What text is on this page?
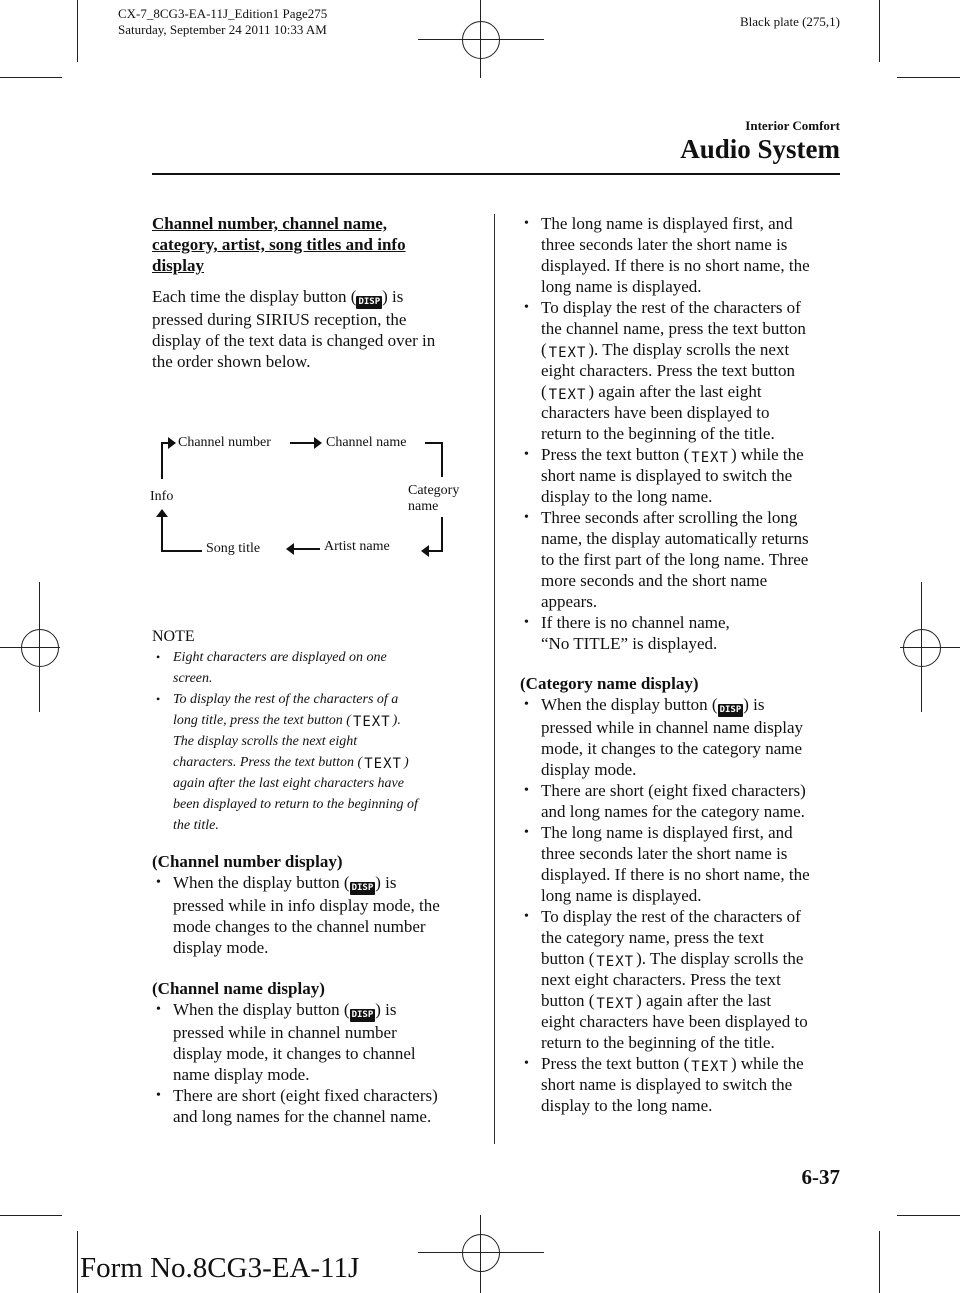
CX-7_8CG3-EA-11J_Edition1 Page275
Saturday, September 24 2011 10:33 AM
Black plate (275,1)
Interior Comfort
Audio System

Channel number, channel name,
category, artist, song titles and info
display

Each time the display button ( DISP ) is
pressed during SIRIUS reception, the
display of the text data is changed over in
the order shown below.

Channel number	Channel name
Category
name
Artist name
Song title
Info

NOTE

• Eight characters are displayed on one
screen.
• To display the rest of the characters of a
long title, press the text button ( TEXT ).
The display scrolls the next eight
characters. Press the text button ( TEXT )
again after the last eight characters have
been displayed to return to the beginning of
the title.

(Channel number display)

• When the display button ( DISP ) is
pressed while in info display mode, the
mode changes to the channel number
display mode.

(Channel name display)

• When the display button ( DISP ) is
pressed while in channel number
display mode, it changes to channel
name display mode.
• There are short (eight fixed characters)
and long names for the channel name.
• The long name is displayed first, and
three seconds later the short name is
displayed. If there is no short name, the
long name is displayed.
• To display the rest of the characters of
the channel name, press the text button
( TEXT ). The display scrolls the next
eight characters. Press the text button
( TEXT ) again after the last eight
characters have been displayed to
return to the beginning of the title.
• Press the text button ( TEXT ) while the
short name is displayed to switch the
display to the long name.
• Three seconds after scrolling the long
name, the display automatically returns
to the first part of the long name. Three
more seconds and the short name
appears.
• If there is no channel name,
“No TITLE” is displayed.

(Category name display)

• When the display button ( DISP ) is
pressed while in channel name display
mode, it changes to the category name
display mode.
• There are short (eight fixed characters)
and long names for the category name.
• The long name is displayed first, and
three seconds later the short name is
displayed. If there is no short name, the
long name is displayed.
• To display the rest of the characters of
the category name, press the text
button ( TEXT ). The display scrolls the
next eight characters. Press the text
button ( TEXT ) again after the last
eight characters have been displayed to
return to the beginning of the title.
• Press the text button ( TEXT ) while the
short name is displayed to switch the
display to the long name.
6-37
Form No.8CG3-EA-11J
